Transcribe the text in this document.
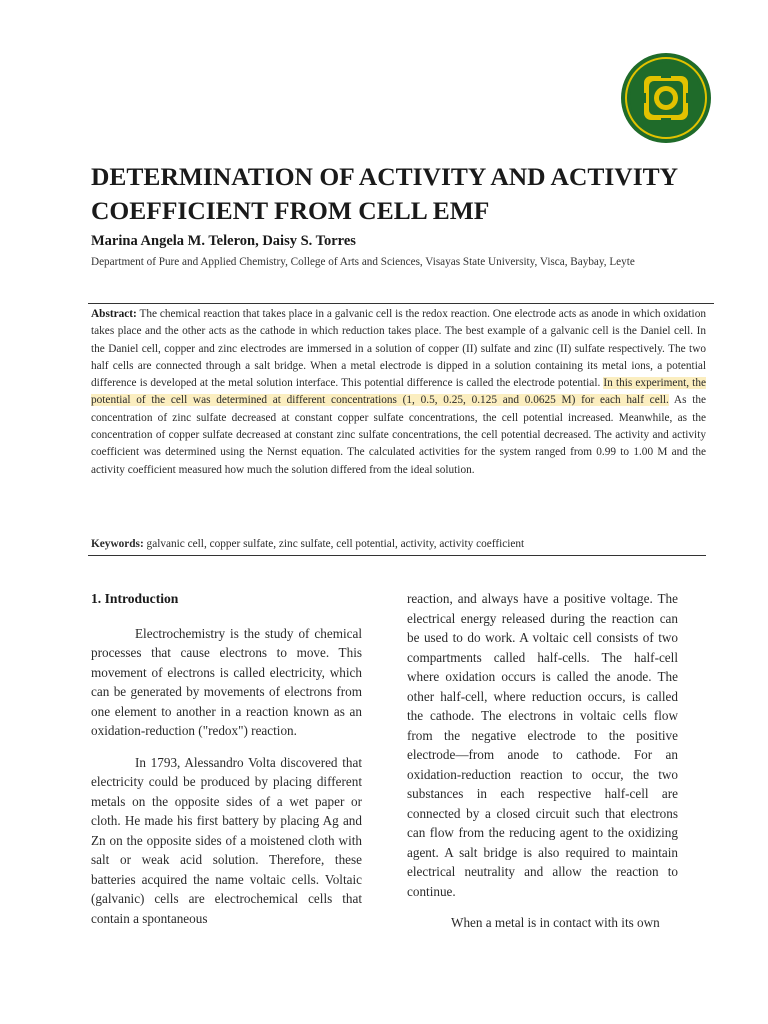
DETERMINATION OF ACTIVITY AND ACTIVITY
COEFFICIENT FROM CELL EMF
Marina Angela M. Teleron, Daisy S. Torres
Department of Pure and Applied Chemistry, College of Arts and Sciences, Visayas State University, Visca, Baybay, Leyte

Abstract: The chemical reaction that takes place in a galvanic cell is the redox reaction. One electrode acts as anode in which oxidation takes place and the other acts as the cathode in which reduction takes place. The best example of a galvanic cell is the Daniel cell. In the Daniel cell, copper and zinc electrodes are immersed in a solution of copper (II) sulfate and zinc (II) sulfate respectively. The two half cells are connected through a salt bridge. When a metal electrode is dipped in a solution containing its metal ions, a potential difference is developed at the metal solution interface. This potential difference is called the electrode potential. In this experiment, the potential of the cell was determined at different concentrations (1, 0.5, 0.25, 0.125 and 0.0625 M) for each half cell. As the concentration of zinc sulfate decreased at constant copper sulfate concentrations, the cell potential increased. Meanwhile, as the concentration of copper sulfate decreased at constant zinc sulfate concentrations, the cell potential decreased. The activity and activity coefficient was determined using the Nernst equation. The calculated activities for the system ranged from 0.99 to 1.00 M and the activity coefficient measured how much the solution differed from the ideal solution.

Keywords: galvanic cell, copper sulfate, zinc sulfate, cell potential, activity, activity coefficient

1. Introduction

Electrochemistry is the study of chemical processes that cause electrons to move. This movement of electrons is called electricity, which can be generated by movements of electrons from one element to another in a reaction known as an oxidation-reduction ("redox") reaction.

In 1793, Alessandro Volta discovered that electricity could be produced by placing different metals on the opposite sides of a wet paper or cloth. He made his first battery by placing Ag and Zn on the opposite sides of a moistened cloth with salt or weak acid solution. Therefore, these batteries acquired the name voltaic cells. Voltaic (galvanic) cells are electrochemical cells that contain a spontaneous

reaction, and always have a positive voltage. The electrical energy released during the reaction can be used to do work. A voltaic cell consists of two compartments called half-cells. The half-cell where oxidation occurs is called the anode. The other half-cell, where reduction occurs, is called the cathode. The electrons in voltaic cells flow from the negative electrode to the positive electrode—from anode to cathode. For an oxidation-reduction reaction to occur, the two substances in each respective half-cell are connected by a closed circuit such that electrons can flow from the reducing agent to the oxidizing agent. A salt bridge is also required to maintain electrical neutrality and allow the reaction to continue.

When a metal is in contact with its own
